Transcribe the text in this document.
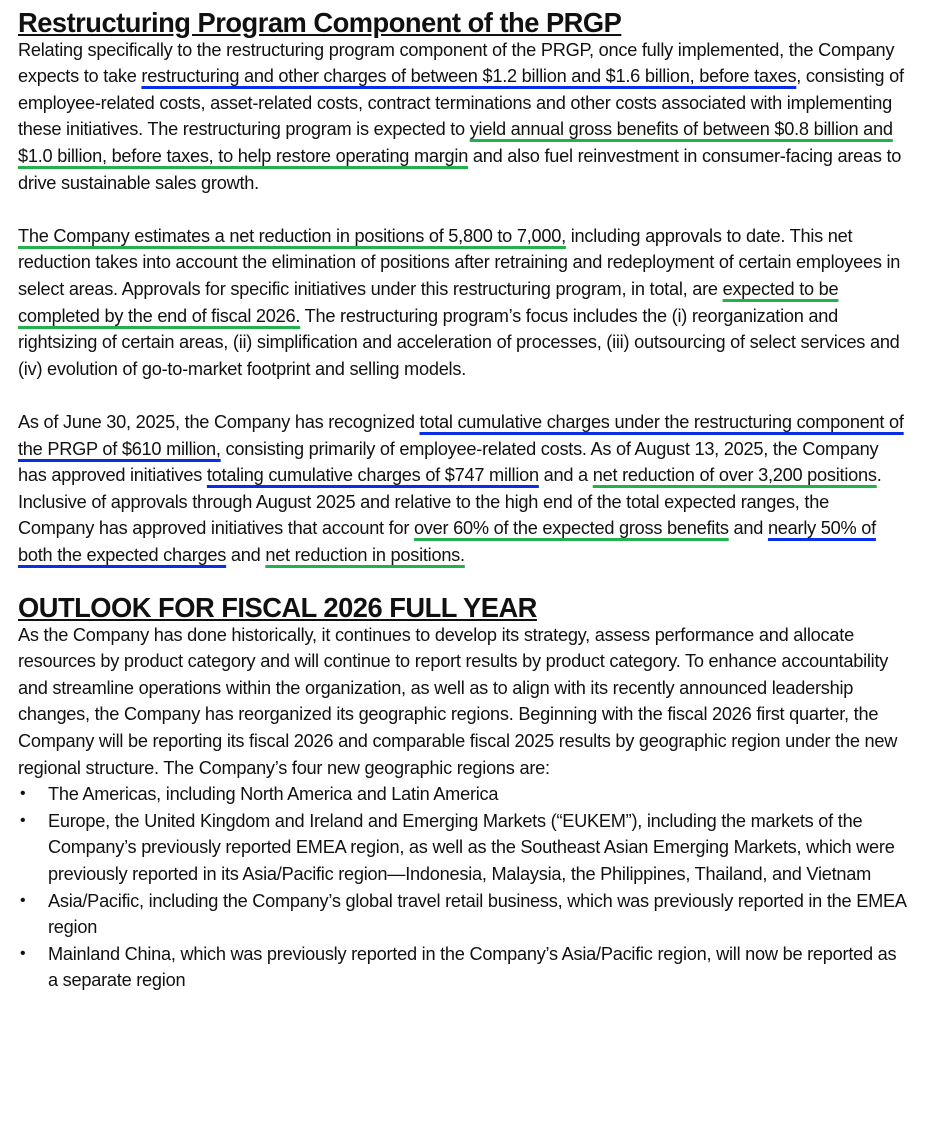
Restructuring Program Component of the PRGP

Relating specifically to the restructuring program component of the PRGP, once fully implemented, the Company expects to take restructuring and other charges of between $1.2 billion and $1.6 billion, before taxes, consisting of employee-related costs, asset-related costs, contract terminations and other costs associated with implementing these initiatives. The restructuring program is expected to yield annual gross benefits of between $0.8 billion and $1.0 billion, before taxes, to help restore operating margin and also fuel reinvestment in consumer-facing areas to drive sustainable sales growth.

The Company estimates a net reduction in positions of 5,800 to 7,000, including approvals to date. This net reduction takes into account the elimination of positions after retraining and redeployment of certain employees in select areas. Approvals for specific initiatives under this restructuring program, in total, are expected to be completed by the end of fiscal 2026. The restructuring program’s focus includes the (i) reorganization and rightsizing of certain areas, (ii) simplification and acceleration of processes, (iii) outsourcing of select services and (iv) evolution of go-to-market footprint and selling models.

As of June 30, 2025, the Company has recognized total cumulative charges under the restructuring component of the PRGP of $610 million, consisting primarily of employee-related costs. As of August 13, 2025, the Company has approved initiatives totaling cumulative charges of $747 million and a net reduction of over 3,200 positions. Inclusive of approvals through August 2025 and relative to the high end of the total expected ranges, the Company has approved initiatives that account for over 60% of the expected gross benefits and nearly 50% of both the expected charges and net reduction in positions.

OUTLOOK FOR FISCAL 2026 FULL YEAR

As the Company has done historically, it continues to develop its strategy, assess performance and allocate resources by product category and will continue to report results by product category. To enhance accountability and streamline operations within the organization, as well as to align with its recently announced leadership changes, the Company has reorganized its geographic regions. Beginning with the fiscal 2026 first quarter, the Company will be reporting its fiscal 2026 and comparable fiscal 2025 results by geographic region under the new regional structure. The Company’s four new geographic regions are:

• The Americas, including North America and Latin America
• Europe, the United Kingdom and Ireland and Emerging Markets (“EUKEM”), including the markets of the Company’s previously reported EMEA region, as well as the Southeast Asian Emerging Markets, which were previously reported in its Asia/Pacific region—Indonesia, Malaysia, the Philippines, Thailand, and Vietnam
• Asia/Pacific, including the Company’s global travel retail business, which was previously reported in the EMEA region
• Mainland China, which was previously reported in the Company’s Asia/Pacific region, will now be reported as a separate region
